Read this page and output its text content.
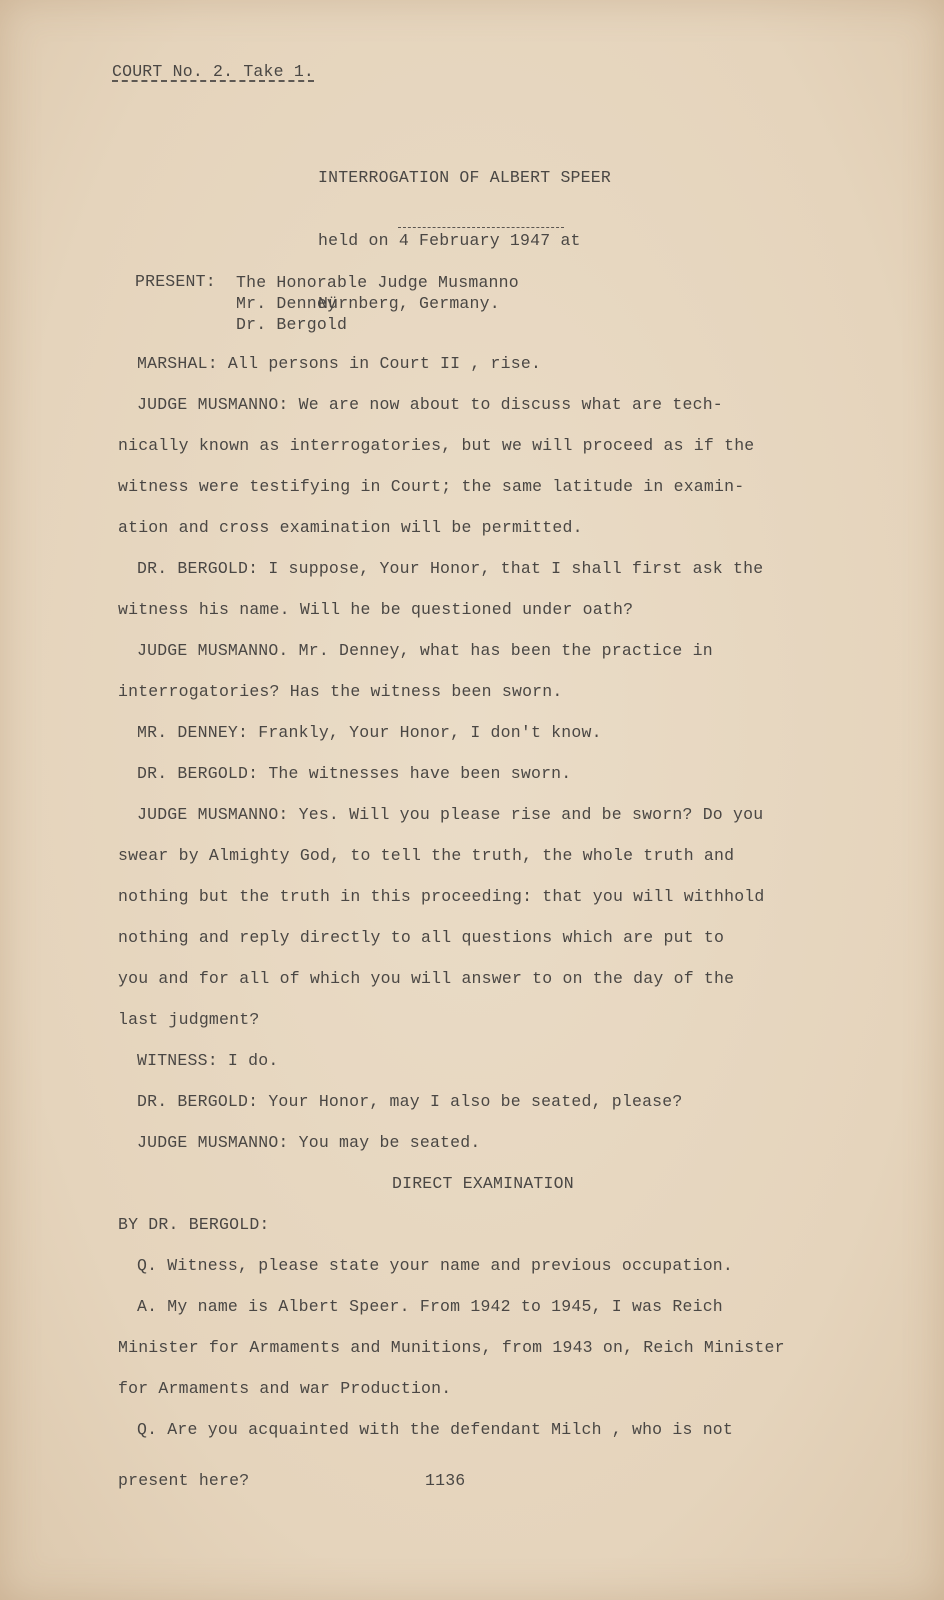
COURT No. 2. Take 1.

INTERROGATION OF ALBERT SPEER

held on 4 February 1947 at

Nürnberg, Germany.

PRESENT: The Honorable Judge Musmanno
Mr. Denney
Dr. Bergold
MARSHAL: All persons in Court II , rise.
JUDGE MUSMANNO: We are now about to discuss what are tech-
nically known as interrogatories, but we will proceed as if the
witness were testifying in Court; the same latitude in examin-
ation and cross examination will be permitted.
DR. BERGOLD: I suppose, Your Honor, that I shall first ask the
witness his name. Will he be questioned under oath?
JUDGE MUSMANNO. Mr. Denney, what has been the practice in
interrogatories? Has the witness been sworn.
MR. DENNEY: Frankly, Your Honor, I don't know.
DR. BERGOLD: The witnesses have been sworn.
JUDGE MUSMANNO: Yes. Will you please rise and be sworn? Do you
swear by Almighty God, to tell the truth, the whole truth and
nothing but the truth in this proceeding: that you will withhold
nothing and reply directly to all questions which are put to
you and for all of which you will answer to on the day of the
last judgment?
WITNESS: I do.
DR. BERGOLD: Your Honor, may I also be seated, please?
JUDGE MUSMANNO: You may be seated.
DIRECT EXAMINATION
BY DR. BERGOLD:
Q. Witness, please state your name and previous occupation.
A. My name is Albert Speer. From 1942 to 1945, I was Reich
Minister for Armaments and Munitions, from 1943 on, Reich Minister
for Armaments and war Production.
Q. Are you acquainted with the defendant Milch , who is not
present here?	1136
